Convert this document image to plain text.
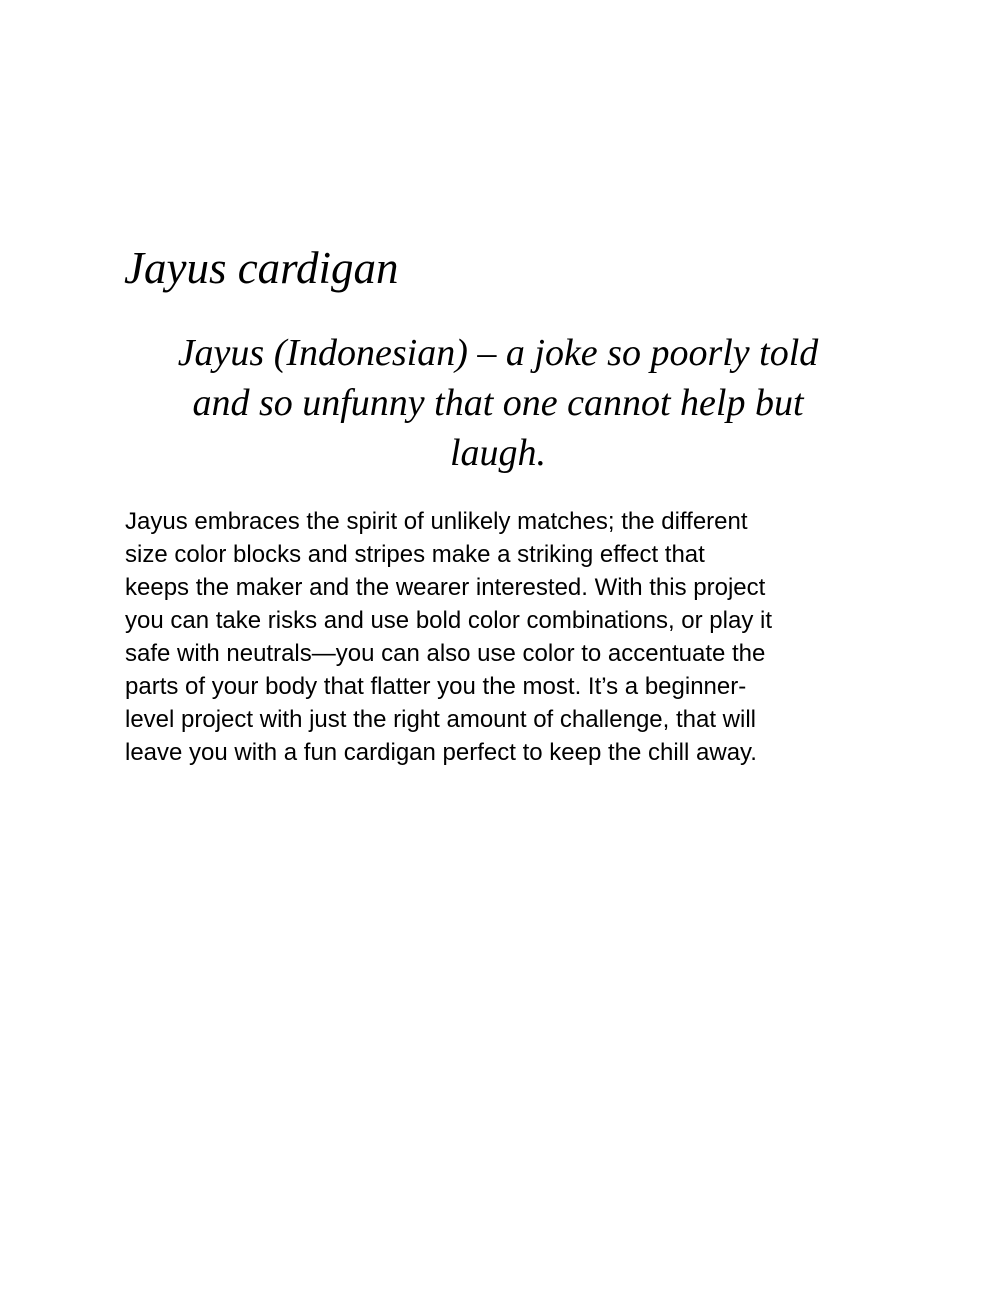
Jayus cardigan

Jayus (Indonesian) – a joke so poorly told
and so unfunny that one cannot help but
laugh.

Jayus embraces the spirit of unlikely matches; the different
size color blocks and stripes make a striking effect that
keeps the maker and the wearer interested. With this project
you can take risks and use bold color combinations, or play it
safe with neutrals—you can also use color to accentuate the
parts of your body that flatter you the most. It’s a beginner-
level project with just the right amount of challenge, that will
leave you with a fun cardigan perfect to keep the chill away.
